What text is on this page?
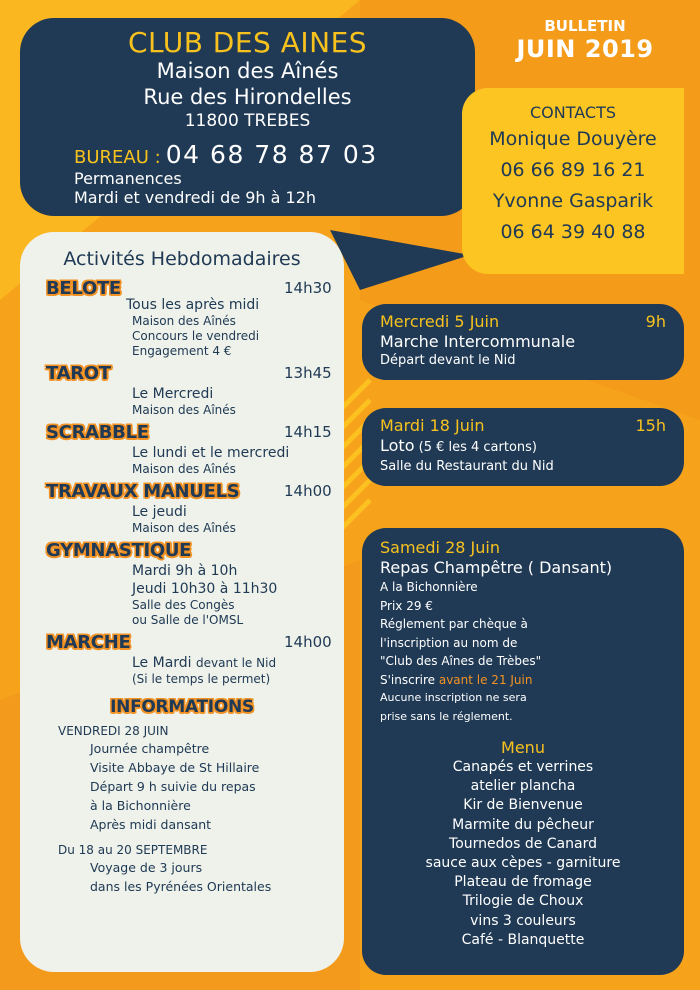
CLUB DES AINES
Maison des Aînés
Rue des Hirondelles
11800 TREBES
BUREAU : 04 68 78 87 03
Permanences
Mardi et vendredi de 9h à 12h
BULLETIN
JUIN 2019
CONTACTS
Monique Douyère
06 66 89 16 21
Yvonne Gasparik
06 64 39 40 88
Activités Hebdomadaires
BELOTE	14h30
Tous les après midi
Maison des Aînés
Concours le vendredi
Engagement 4 €
TAROT	13h45
Le Mercredi
Maison des Aînés
SCRABBLE	14h15
Le lundi et le mercredi
Maison des Aînés
TRAVAUX MANUELS	14h00
Le jeudi
Maison des Aînés
GYMNASTIQUE
Mardi 9h à 10h
Jeudi 10h30 à 11h30
Salle des Congès
ou Salle de l'OMSL
MARCHE	14h00
Le Mardi devant le Nid
(Si le temps le permet)
INFORMATIONS
VENDREDI 28 JUIN
Journée champêtre
Visite Abbaye de St Hillaire
Départ 9 h suivie du repas
à la Bichonnière
Après midi dansant
Du 18 au 20 SEPTEMBRE
Voyage de 3 jours
dans les Pyrénées Orientales
Mercredi 5 Juin	9h
Marche Intercommunale
Départ devant le Nid
Mardi 18 Juin	15h
Loto (5 € les 4 cartons)
Salle du Restaurant du Nid
Samedi 28 Juin
Repas Champêtre ( Dansant)
A la Bichonnière
Prix 29 €
Réglement par chèque à
l'inscription au nom de
"Club des Aînes de Trèbes"
S'inscrire avant le 21 Juin
Aucune inscription ne sera
prise sans le réglement.
Menu
Canapés et verrines
atelier plancha
Kir de Bienvenue
Marmite du pêcheur
Tournedos de Canard
sauce aux cèpes - garniture
Plateau de fromage
Trilogie de Choux
vins 3 couleurs
Café - Blanquette
